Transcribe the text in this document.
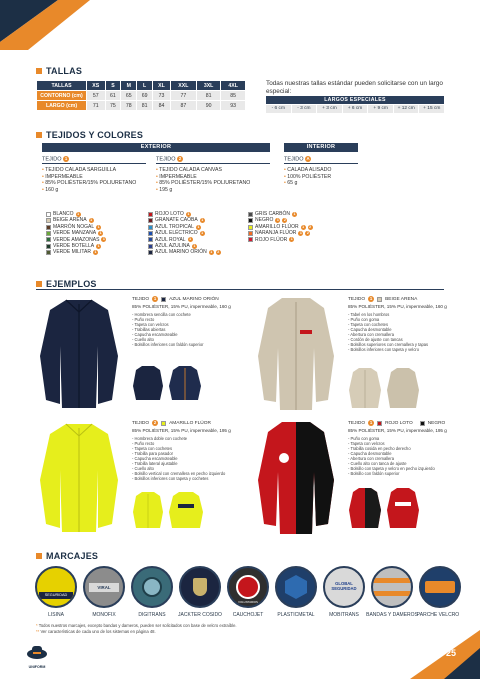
TALLAS
TALLAS	XS	S	M	L	XL	XXL	3XL	4XL
CONTORNO (cm)	57	61	65	69	73	77	81	85
LARGO (cm)	71	75	78	81	84	87	90	93
Todas nuestras tallas estándar pueden solicitarse con un largo especial:
LARGOS ESPECIALES
- 6 cm	- 3 cm	+ 3 cm	+ 6 cm	+ 9 cm	+ 12 cm	+ 15 cm
TEJIDOS Y COLORES
EXTERIOR	INTERIOR
TEJIDO 1
• TEJIDO CALADA SARGUILLA
• IMPERMEABLE
• 85% POLIÉSTER/15% POLIURETANO
• 160 g
TEJIDO 2
• TEJIDO CALADA CANVAS
• IMPERMEABLE
• 85% POLIÉSTER/15% POLIURETANO
• 195 g
TEJIDO A
• CALADA ALISADO
• 100% POLIÉSTER
• 65 g
BLANCO 1
BEIGE ARENA 1
MARRÓN NOGAL 1
VERDE MANZANA 1
VERDE AMAZONAS 1
VERDE BOTELLA 1
VERDE MILITAR 1
ROJO LOTO 1
GRANATE CAOBA 1
AZUL TROPICAL 1
AZUL ELÉCTRICO 1
AZUL ROYAL 1
AZUL AZULINA 1
AZUL MARINO ORIÓN 1	2
GRIS CARBÓN 1
NEGRO 1	2
AMARILLO FLÚOR 1	2
NARANJA FLÚOR 1	2
ROJO FLÚOR 1
EJEMPLOS
TEJIDO	1	AZUL MARINO ORIÓN
85% POLIÉSTER, 15% PU, impermeable, 160 g
- Hombrera sencilla con cochete
- Puño recto
- Tapeta con velcros
- Trabillas abiertas
- Capucha escamoteable
- Cuello alto
- Bolsillos inferiores con faldón superior
TEJIDO	1	BEIGE ARENA
85% POLIÉSTER, 15% PU, impermeable, 160 g
- Tabel en los hombros
- Puño con goma
- Tapeta con cochetes
- Capucha desmontable
- Abertura con cremallera
- Cordón de ajuste con tancas
- Bolsillos superiores con cremallera y tapas
- Bolsillos inferiores con tapeta y velcro
TEJIDO	2	AMARILLO FLÚOR
85% POLIÉSTER, 15% PU, impermeable, 195 g
- Hombrera doble con cochete
- Puño recto
- Tapeta con cochetes
- Trabilla para pasador
- Capucha escamoteable
- Trabilla lateral ajustable
- Cuello alto
- Bolsillo vertical con cremallera en pecho izquierdo
- Bolsillos inferiores con tapeta y cochetes
TEJIDO	1	ROJO LOTO	NEGRO
85% POLIÉSTER, 15% PU, impermeable, 195 g
- Puño con goma
- Tapeta con velcros
- Trabilla cosida en pecho derecho
- Capucha desmontable
- Abertura con cremallera
- Cuello alto con tanca de ajuste
- Bolsillo con tapeta y velcro en pecho izquierdo
- Bolsillo con faldón superior
MARCAJES
SEGURIDAD
VIRAL
VOLUNTARIOS
GLOBAL SEGURIDAD
LISINA	MONOFIX	DIGITRANS	JACKTER COSIDO	CAUCHOJET	PLASTICMETAL	MOBITRANS	BANDAS Y DAMEROS
PARCHE VELCRO
* Todos nuestros marcajes, excepto bandas y dameros, pueden ser solicitados con base de velcro extraíble.
** Ver características de cada uno de los sistemas en página 48.
UNIFORM
25
